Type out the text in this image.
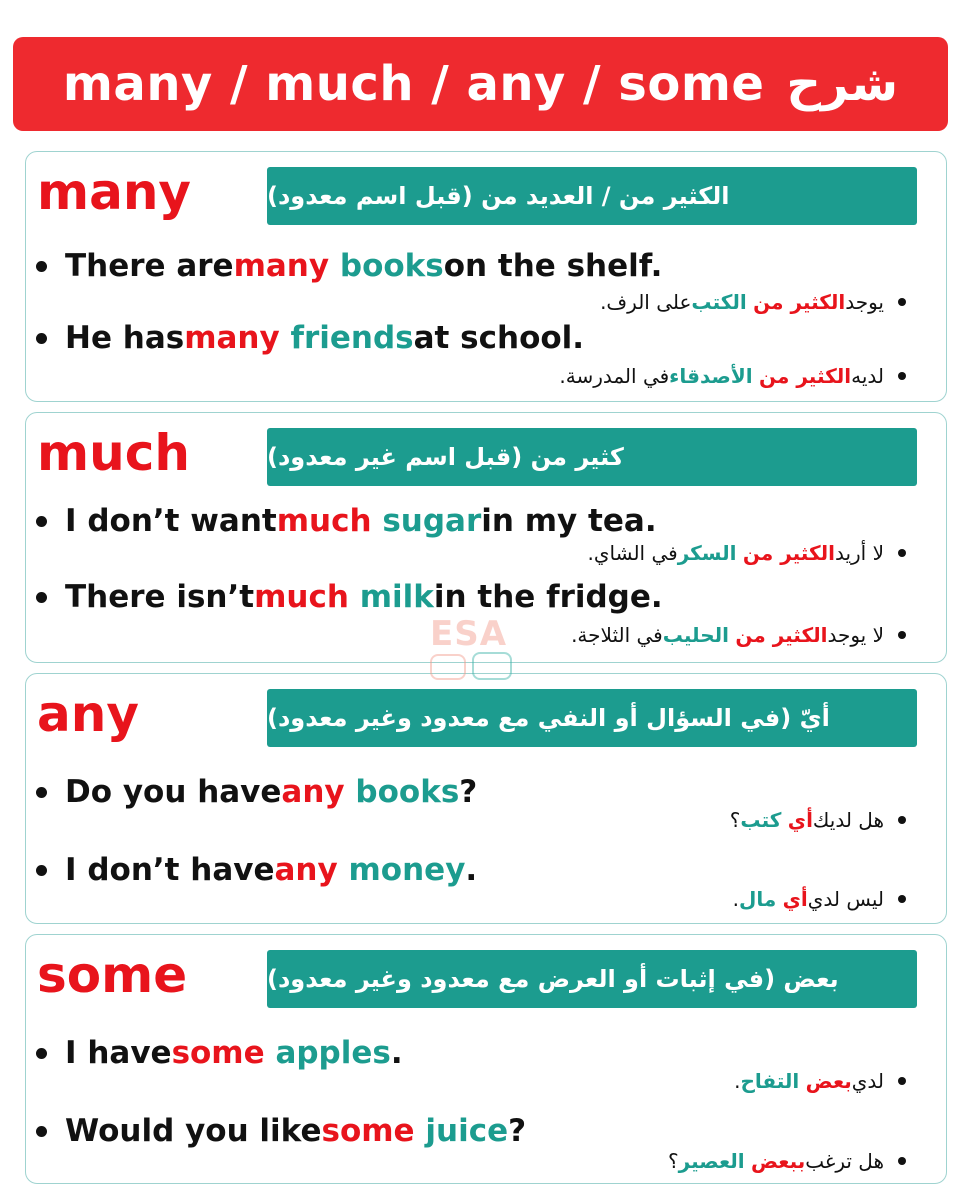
many / much / any / some شرح
many	الكثير من / العديد من (قبل اسم معدود)
There are many
books on the shelf.
يوجد
الكثير من

الكتب
على الرف.
He has many
friends at school.
لديه
الكثير من

الأصدقاء
في المدرسة.
much	كثير من (قبل اسم غير معدود)
I don’t want much
sugar in my tea.
لا أريد
الكثير من

السكر
في الشاي.
There isn’t much
milk in the fridge.
لا يوجد
الكثير من

الحليب
في الثلاجة.
any	أيّ (في السؤال أو النفي مع معدود وغير معدود)
Do you have any
books ?
هل لديك
أي

كتب
؟
I don’t have any
money .
ليس لدي
أي

مال
.
some	بعض (في إثبات أو العرض مع معدود وغير معدود)
I have some
apples .
لدي
بعض

التفاح
.
Would you like some
juice ?
هل ترغب
ببعض

العصير
؟
ESA
